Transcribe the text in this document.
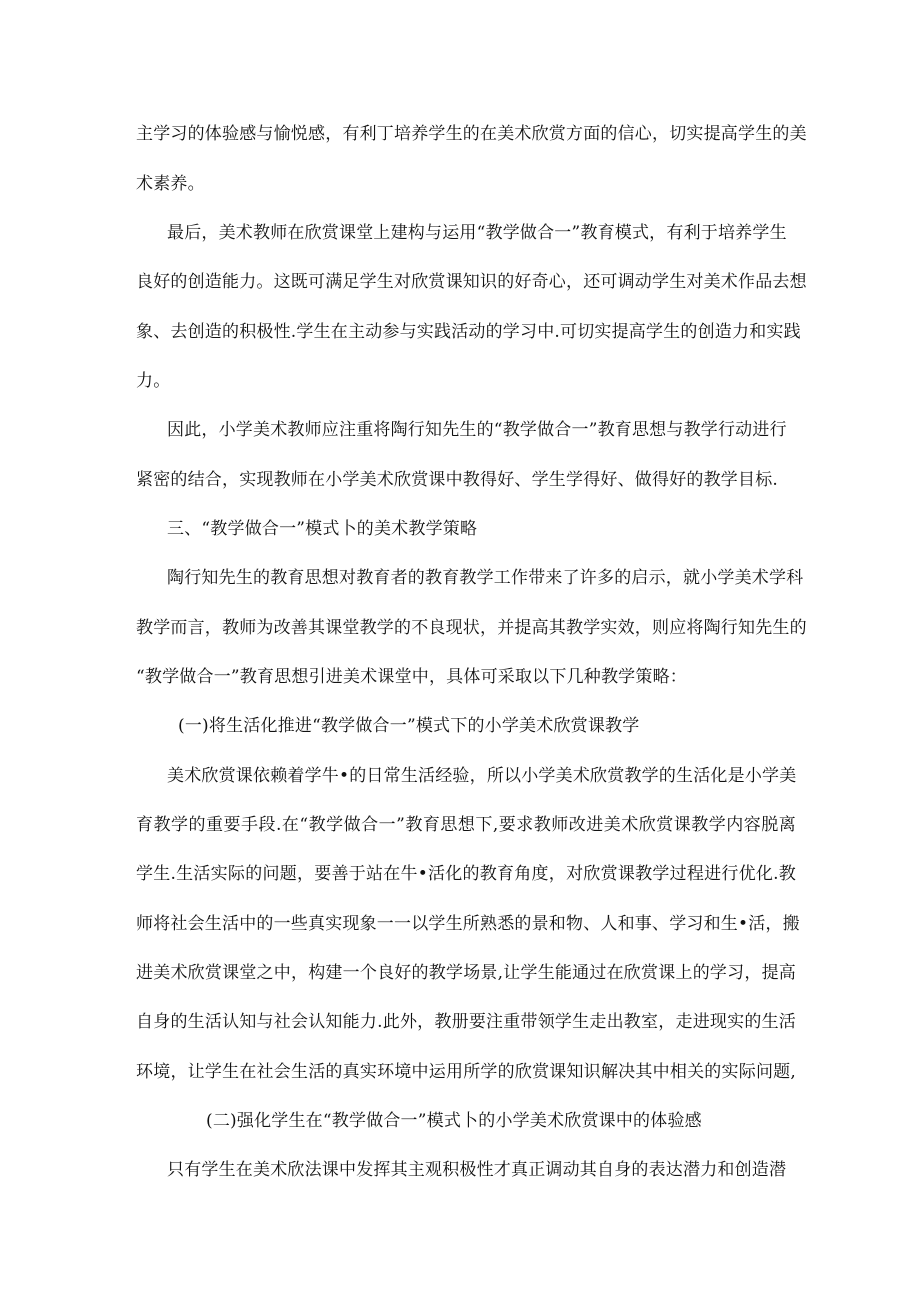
主学习的体验感与愉悦感，有利丁培养学生的在美术欣赏方面的信心，切实提高学生的美
术素养。
最后，美术教师在欣赏课堂上建构与运用“教学做合一”教育模式，有利于培养学生
良好的创造能力。这既可满足学生对欣赏课知识的好奇心，还可调动学生对美术作品去想
象、去创造的积极性.学生在主动参与实践活动的学习中.可切实提高学生的创造力和实践
力。
因此，小学美术教师应注重将陶行知先生的“教学做合一”教育思想与教学行动进行
紧密的结合，实现教师在小学美术欣赏课中教得好、学生学得好、做得好的教学目标.
三、“教学做合一”模式卜的美术教学策略
陶行知先生的教育思想对教育者的教育教学工作带来了许多的启示，就小学美术学科
教学而言，教师为改善其课堂教学的不良现状，并提高其教学实效，则应将陶行知先生的
“教学做合一”教育思想引进美术课堂中，具体可采取以下几种教学策略：
(一)将生活化推进“教学做合一”模式下的小学美术欣赏课教学
美术欣赏课依赖着学牛•的日常生活经验，所以小学美术欣赏教学的生活化是小学美
育教学的重要手段.在“教学做合一”教育思想下,要求教师改进美术欣赏课教学内容脱离
学生.生活实际的问题，要善于站在牛•活化的教育角度，对欣赏课教学过程进行优化.教
师将社会生活中的一些真实现象一一以学生所熟悉的景和物、人和事、学习和生•活，搬
进美术欣赏课堂之中，构建一个良好的教学场景,让学生能通过在欣赏课上的学习，提高
自身的生活认知与社会认知能力.此外，教册要注重带领学生走出教室，走进现实的生活
环境，让学生在社会生活的真实环境中运用所学的欣赏课知识解决其中相关的实际问题,
(二)强化学生在“教学做合一”模式卜的小学美术欣赏课中的体验感
只有学生在美术欣法课中发挥其主观积极性才真正调动其自身的表达潜力和创造潜
